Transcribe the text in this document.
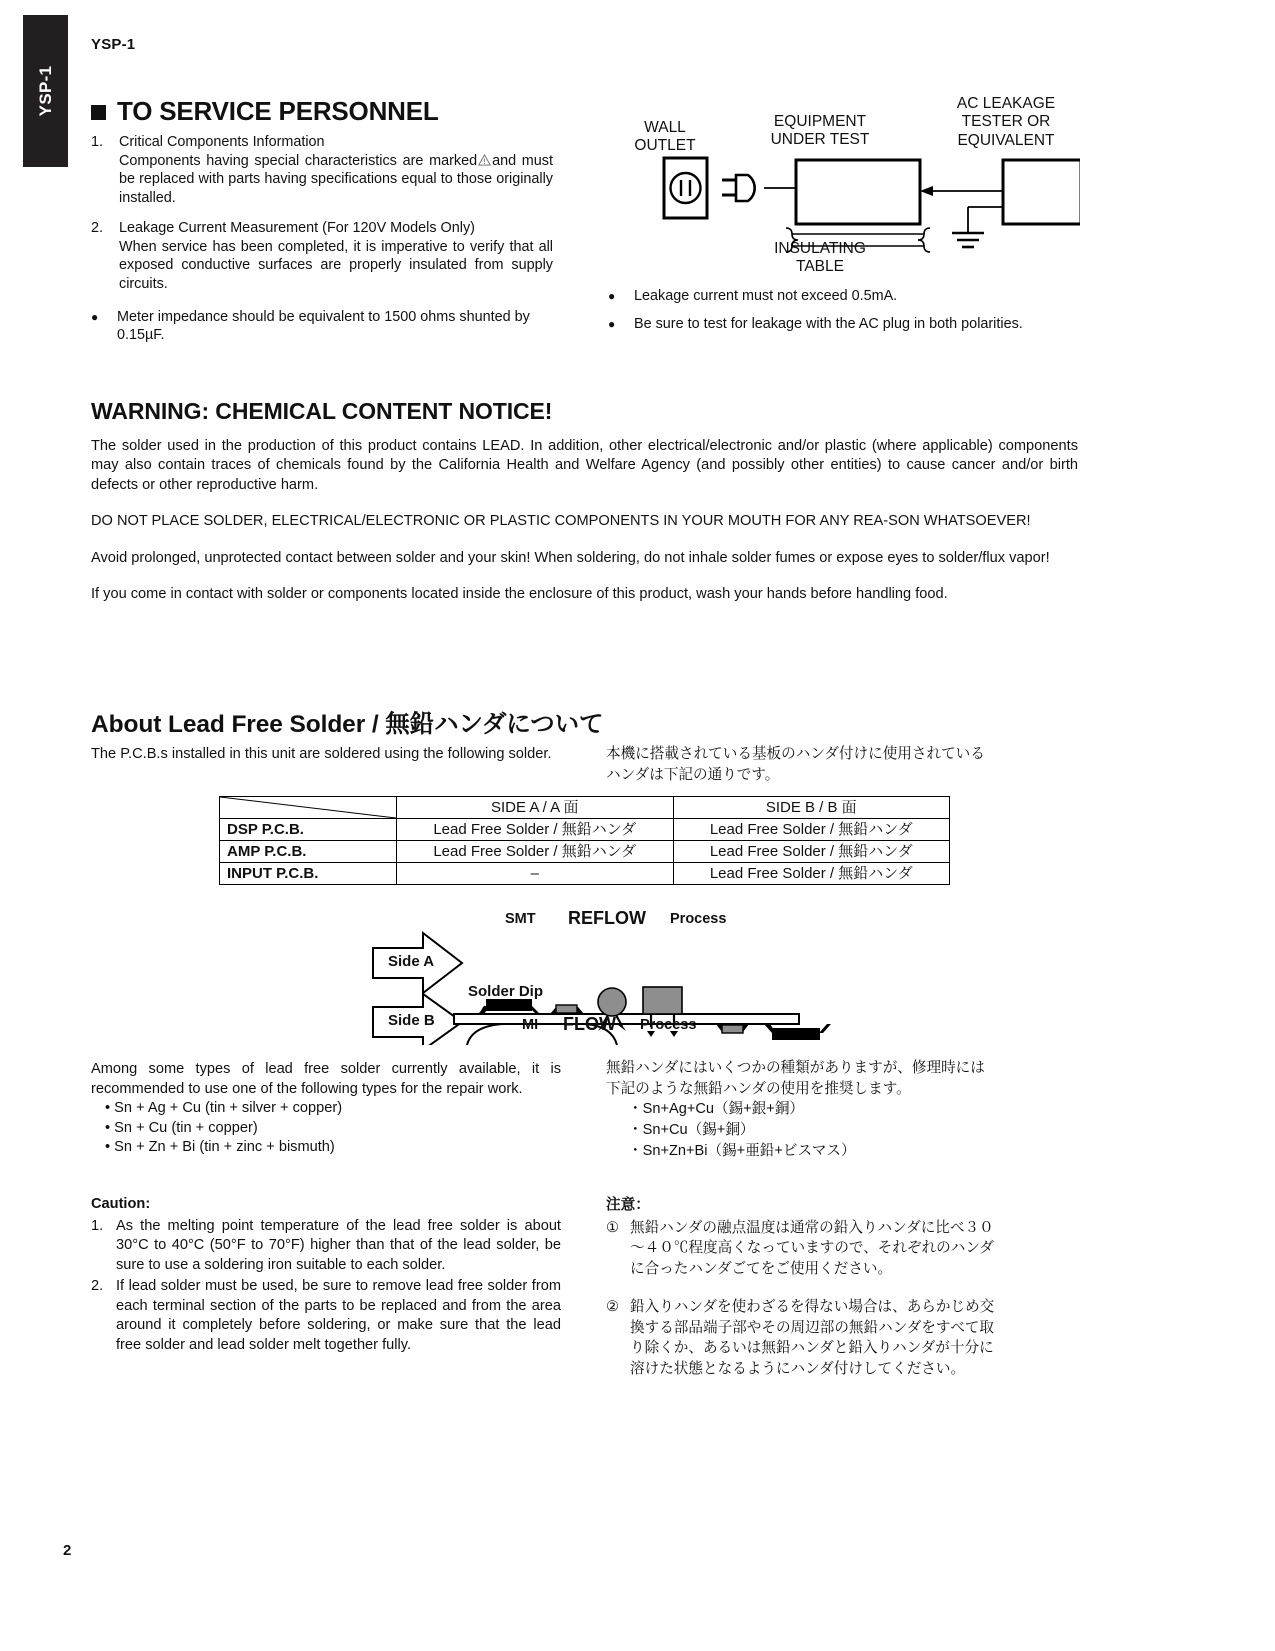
YSP-1
YSP-1
TO SERVICE PERSONNEL
1.	Critical Components Information
Components having special characteristics are marked and must be replaced with parts having specifications equal to those originally installed.
2.	Leakage Current Measurement (For 120V Models Only)
When service has been completed, it is imperative to verify that all exposed conductive surfaces are properly insulated from supply circuits.
●	Meter impedance should be equivalent to 1500 ohms shunted by 0.15µF.
●	Leakage current must not exceed 0.5mA.
●	Be sure to test for leakage with the AC plug in both polarities.
WALL
OUTLET
EQUIPMENT
UNDER TEST
AC LEAKAGE
TESTER OR
EQUIVALENT
INSULATING
TABLE
WARNING: CHEMICAL CONTENT NOTICE!

The solder used in the production of this product contains LEAD. In addition, other electrical/electronic and/or plastic (where applicable) components may also contain traces of chemicals found by the California Health and Welfare Agency (and possibly other entities) to cause cancer and/or birth defects or other reproductive harm.

DO NOT PLACE SOLDER, ELECTRICAL/ELECTRONIC OR PLASTIC COMPONENTS IN YOUR MOUTH FOR ANY REA-SON WHATSOEVER!

Avoid prolonged, unprotected contact between solder and your skin! When soldering, do not inhale solder fumes or expose eyes to solder/flux vapor!

If you come in contact with solder or components located inside the enclosure of this product, wash your hands before handling food.

About Lead Free Solder / 無鉛ハンダについて
The P.C.B.s installed in this unit are soldered using the following solder.	本機に搭載されている基板のハンダ付けに使用されている
ハンダは下記の通りです。
	SIDE A / A 面	SIDE B / B 面
DSP P.C.B.	Lead Free Solder / 無鉛ハンダ	Lead Free Solder / 無鉛ハンダ
AMP P.C.B.	Lead Free Solder / 無鉛ハンダ	Lead Free Solder / 無鉛ハンダ
INPUT P.C.B.	–	Lead Free Solder / 無鉛ハンダ
Side A
Side B
SMT REFLOW Process
Solder Dip
MI FLOW Process
Among some types of lead free solder currently available, it is recommended to use one of the following types for the repair work.
• Sn + Ag + Cu (tin + silver + copper)
• Sn + Cu (tin + copper)
• Sn + Zn + Bi (tin + zinc + bismuth)
無鉛ハンダにはいくつかの種類がありますが、修理時には
下記のような無鉛ハンダの使用を推奨します。
・Sn+Ag+Cu（錫+銀+銅）
・Sn+Cu（錫+銅）
・Sn+Zn+Bi（錫+亜鉛+ビスマス）
Caution:
1. As the melting point temperature of the lead free solder is about 30°C to 40°C (50°F to 70°F) higher than that of the lead solder, be sure to use a soldering iron suitable to each solder.
2. If lead solder must be used, be sure to remove lead free solder from each terminal section of the parts to be replaced and from the area around it completely before soldering, or make sure that the lead free solder and lead solder melt together fully.
注意：
① 無鉛ハンダの融点温度は通常の鉛入りハンダに比べ３０
～４０℃程度高くなっていますので、それぞれのハンダ
に合ったハンダごてをご使用ください。
② 鉛入りハンダを使わざるを得ない場合は、あらかじめ交
換する部品端子部やその周辺部の無鉛ハンダをすべて取
り除くか、あるいは無鉛ハンダと鉛入りハンダが十分に
溶けた状態となるようにハンダ付けしてください。
2
